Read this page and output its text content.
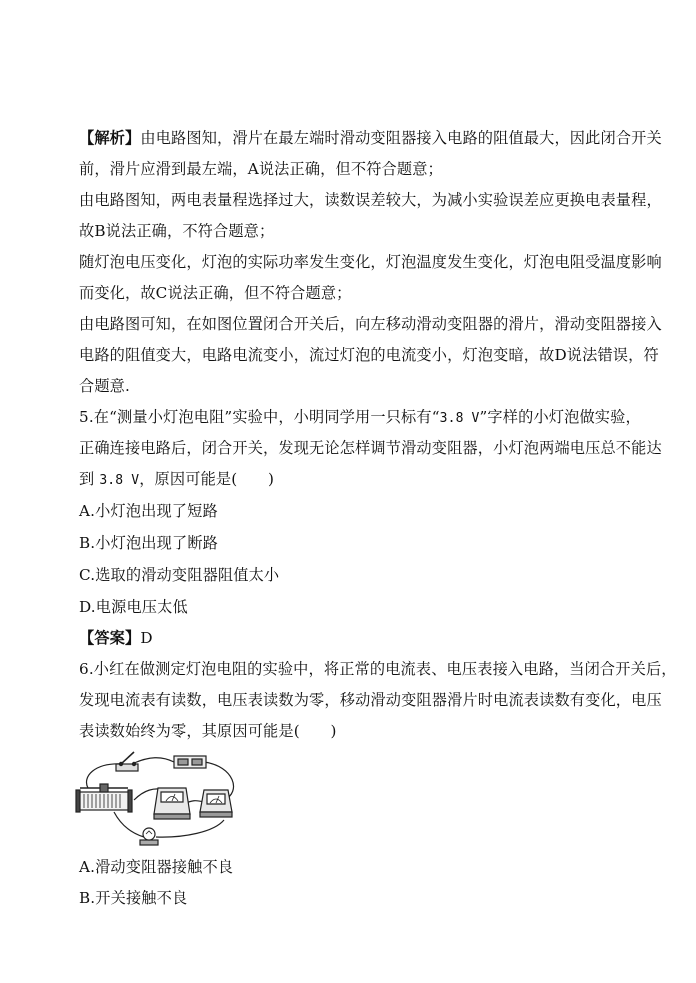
【解析】由电路图知，滑片在最左端时滑动变阻器接入电路的阻值最大，因此闭合开关
前，滑片应滑到最左端，A说法正确，但不符合题意；
由电路图知，两电表量程选择过大，读数误差较大，为减小实验误差应更换电表量程，
故B说法正确，不符合题意；
随灯泡电压变化，灯泡的实际功率发生变化，灯泡温度发生变化，灯泡电阻受温度影响
而变化，故C说法正确，但不符合题意；
由电路图可知，在如图位置闭合开关后，向左移动滑动变阻器的滑片，滑动变阻器接入
电路的阻值变大，电路电流变小，流过灯泡的电流变小，灯泡变暗，故D说法错误，符
合题意.
5.在“测量小灯泡电阻”实验中，小明同学用一只标有“3.8 V”字样的小灯泡做实验，
正确连接电路后，闭合开关，发现无论怎样调节滑动变阻器，小灯泡两端电压总不能达
到 3.8 V，原因可能是(　　)
A.小灯泡出现了短路
B.小灯泡出现了断路
C.选取的滑动变阻器阻值太小
D.电源电压太低
【答案】D
6.小红在做测定灯泡电阻的实验中，将正常的电流表、电压表接入电路，当闭合开关后，
发现电流表有读数，电压表读数为零，移动滑动变阻器滑片时电流表读数有变化，电压
表读数始终为零，其原因可能是(　　)
A.滑动变阻器接触不良
B.开关接触不良
